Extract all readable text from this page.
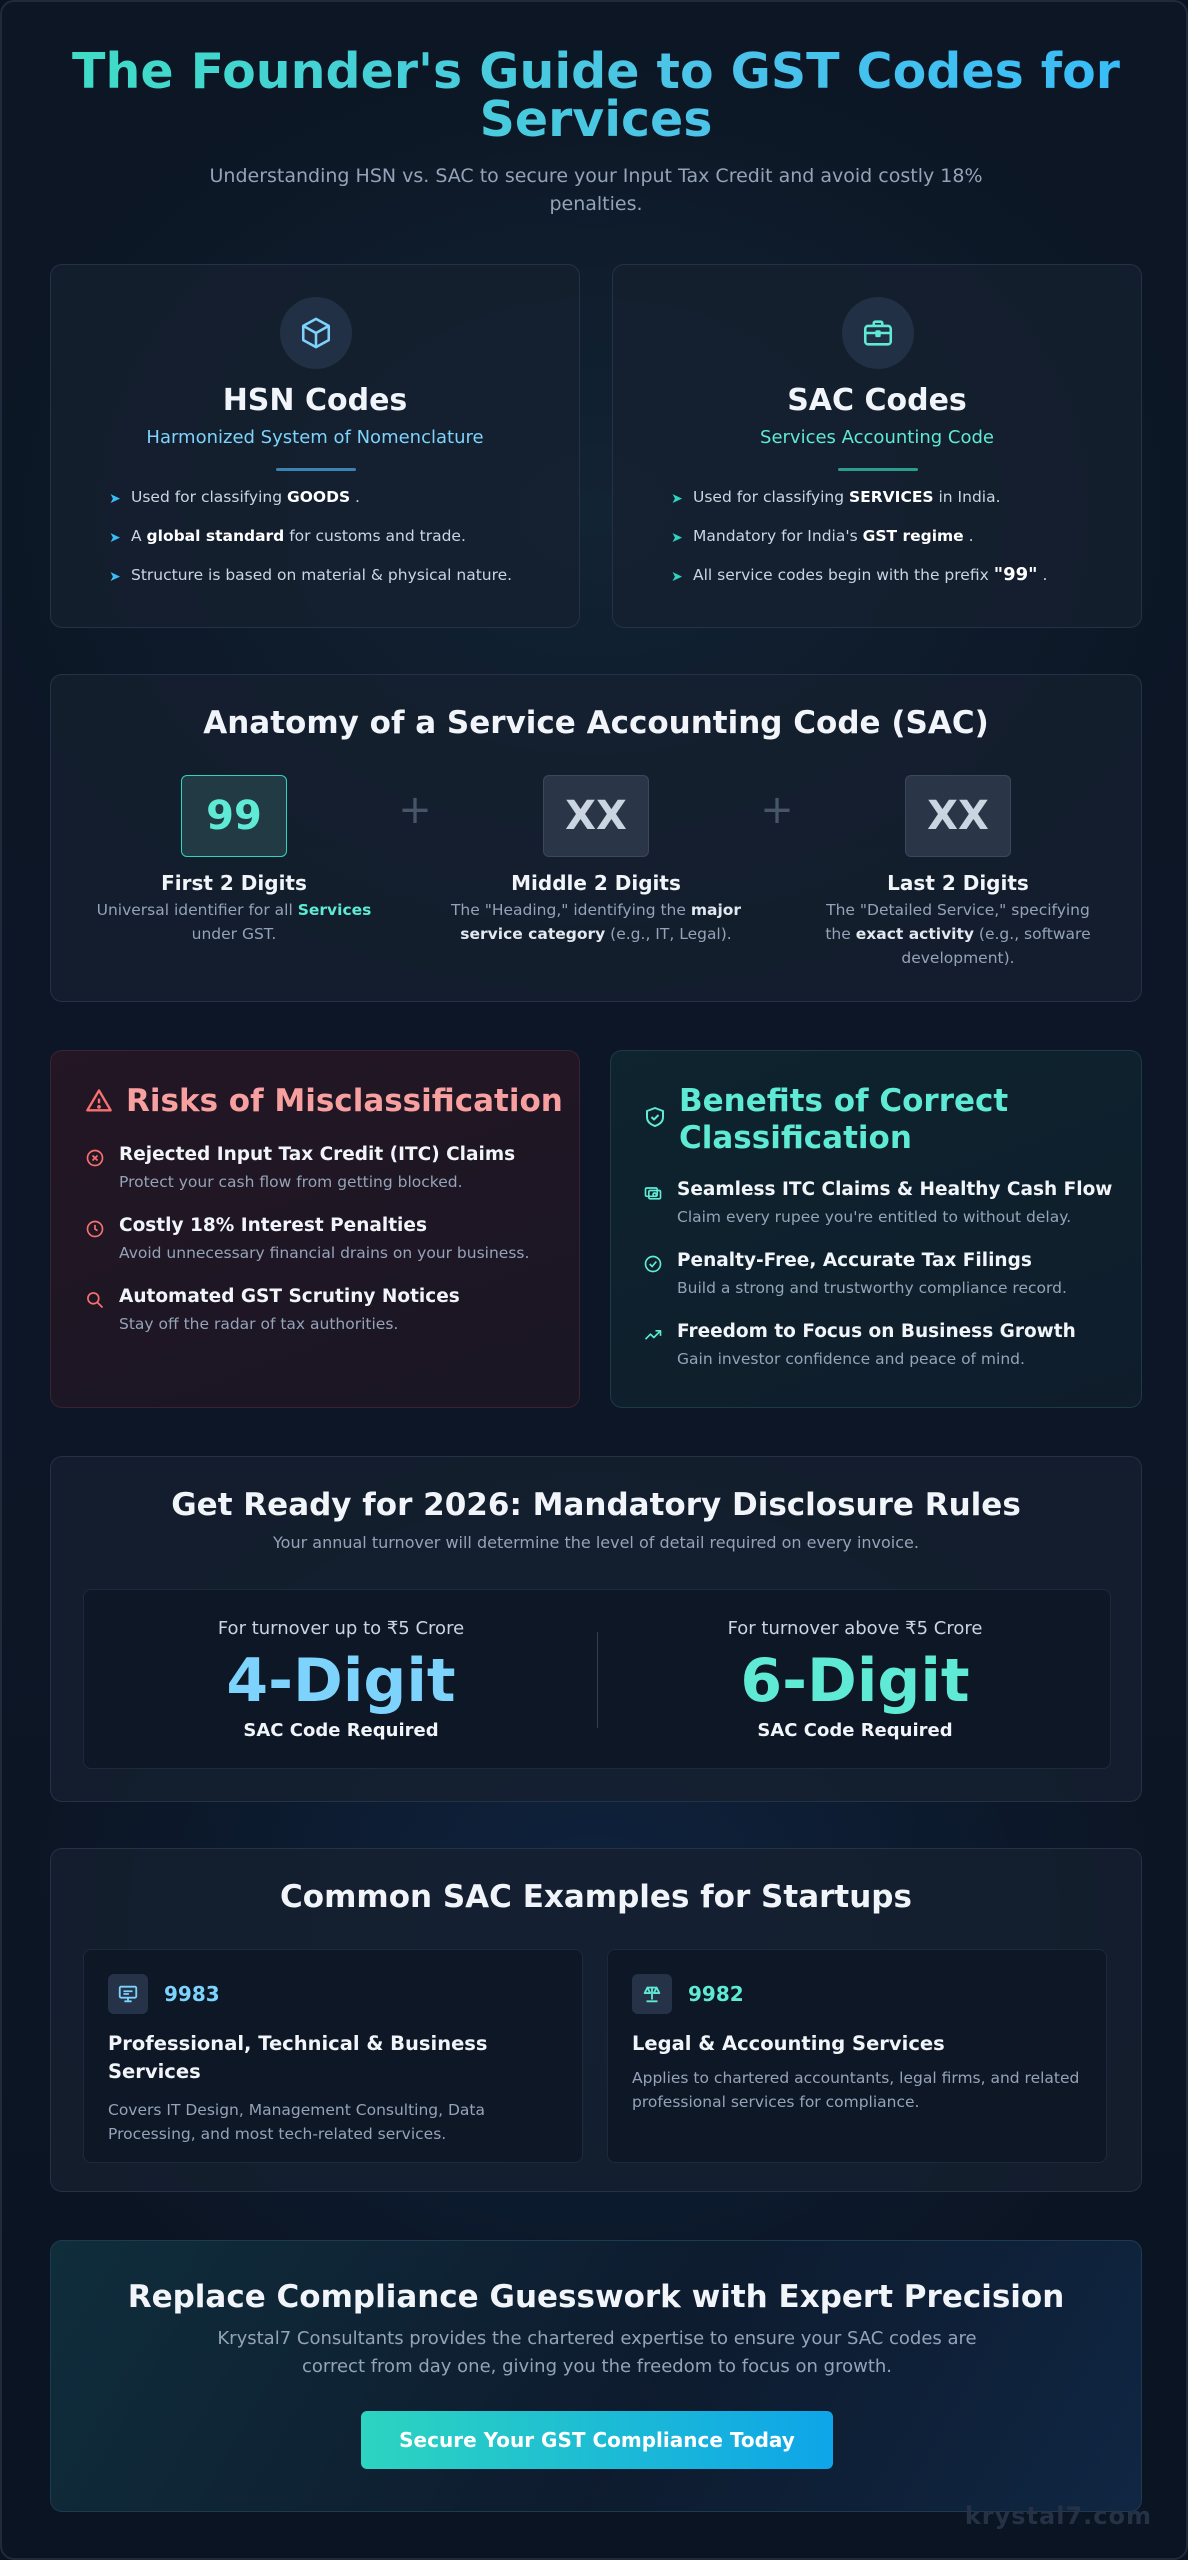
The Founder's Guide to GST Codes for Services

Understanding HSN vs. SAC to secure your Input Tax Credit and avoid costly 18% penalties.

HSN Codes
Harmonized System of Nomenclature
➤ Used for classifying GOODS .
➤ A global standard for customs and trade.
➤ Structure is based on material & physical nature.
SAC Codes
Services Accounting Code
➤ Used for classifying SERVICES in India.
➤ Mandatory for India's GST regime .
➤ All service codes begin with the prefix "99" .
Anatomy of a Service Accounting Code (SAC)
99	+	XX	+	XX
First 2 Digits
Universal identifier for all Services under GST.
Middle 2 Digits
The "Heading," identifying the major service category (e.g., IT, Legal).
Last 2 Digits
The "Detailed Service," specifying the exact activity (e.g., software development).
Risks of Misclassification
Rejected Input Tax Credit (ITC) Claims
Protect your cash flow from getting blocked.
Costly 18% Interest Penalties
Avoid unnecessary financial drains on your business.
Automated GST Scrutiny Notices
Stay off the radar of tax authorities.
Benefits of Correct Classification
Seamless ITC Claims & Healthy Cash Flow
Claim every rupee you're entitled to without delay.
Penalty-Free, Accurate Tax Filings
Build a strong and trustworthy compliance record.
Freedom to Focus on Business Growth
Gain investor confidence and peace of mind.
Get Ready for 2026: Mandatory Disclosure Rules
Your annual turnover will determine the level of detail required on every invoice.
For turnover up to ₹5 Crore
4-Digit
SAC Code Required
For turnover above ₹5 Crore
6-Digit
SAC Code Required
Common SAC Examples for Startups
9983
Professional, Technical & Business Services
Covers IT Design, Management Consulting, Data Processing, and most tech-related services.
9982
Legal & Accounting Services
Applies to chartered accountants, legal firms, and related professional services for compliance.
Replace Compliance Guesswork with Expert Precision
Krystal7 Consultants provides the chartered expertise to ensure your SAC codes are correct from day one, giving you the freedom to focus on growth.
Secure Your GST Compliance Today
krystal7.com
